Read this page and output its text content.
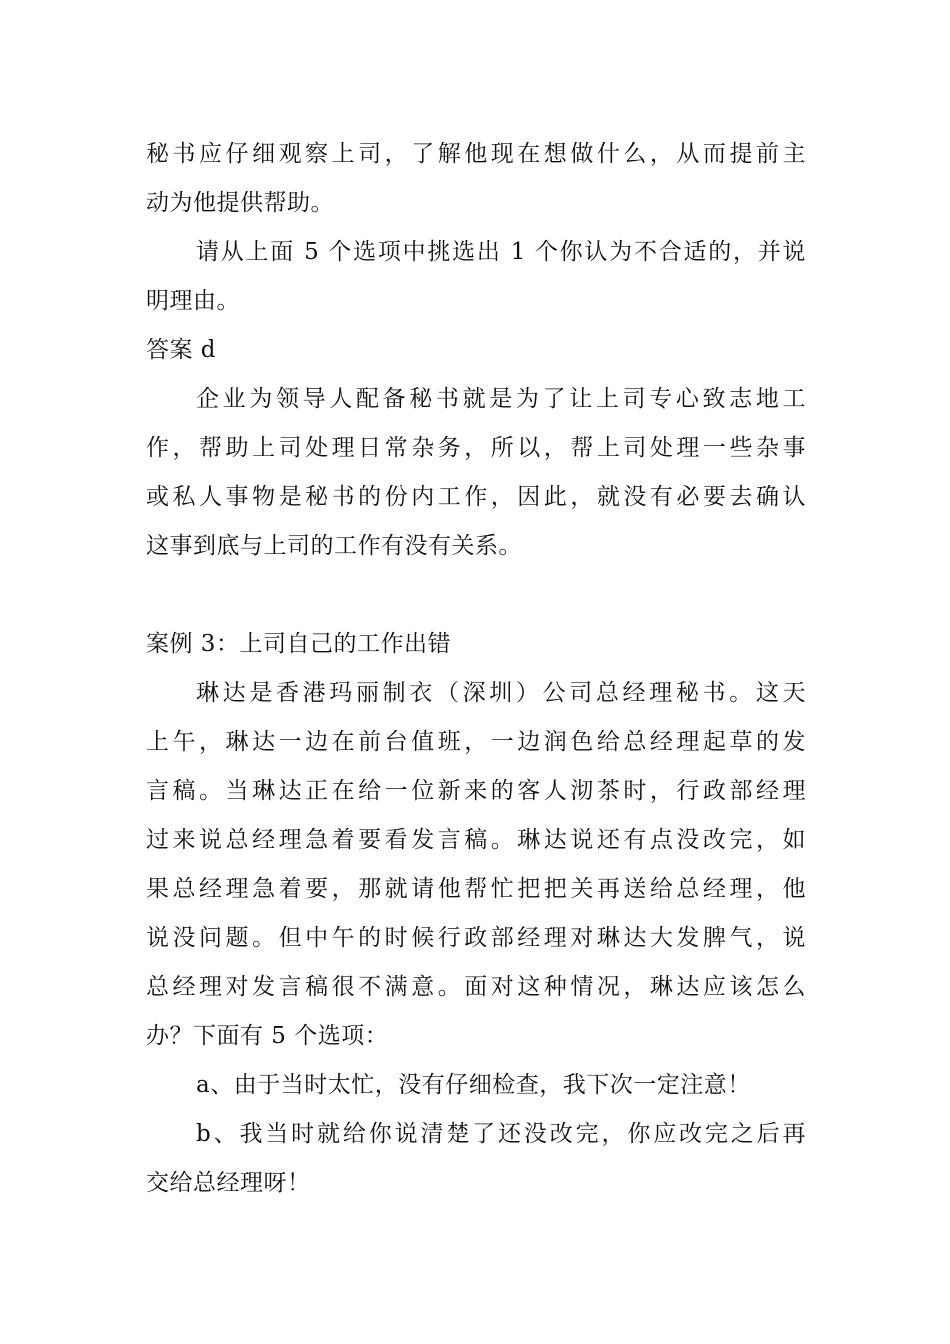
秘书应仔细观察上司，了解他现在想做什么，从而提前主
动为他提供帮助。
请从上面 5 个选项中挑选出 1 个你认为不合适的，并说
明理由。
答案 d
企业为领导人配备秘书就是为了让上司专心致志地工
作，帮助上司处理日常杂务，所以，帮上司处理一些杂事
或私人事物是秘书的份内工作，因此，就没有必要去确认
这事到底与上司的工作有没有关系。
案例 3：上司自己的工作出错
琳达是香港玛丽制衣（深圳）公司总经理秘书。这天
上午，琳达一边在前台值班，一边润色给总经理起草的发
言稿。当琳达正在给一位新来的客人沏茶时，行政部经理
过来说总经理急着要看发言稿。琳达说还有点没改完，如
果总经理急着要，那就请他帮忙把把关再送给总经理，他
说没问题。但中午的时候行政部经理对琳达大发脾气，说
总经理对发言稿很不满意。面对这种情况，琳达应该怎么
办？下面有 5 个选项：
a、由于当时太忙，没有仔细检查，我下次一定注意！
b、我当时就给你说清楚了还没改完，你应改完之后再
交给总经理呀！
